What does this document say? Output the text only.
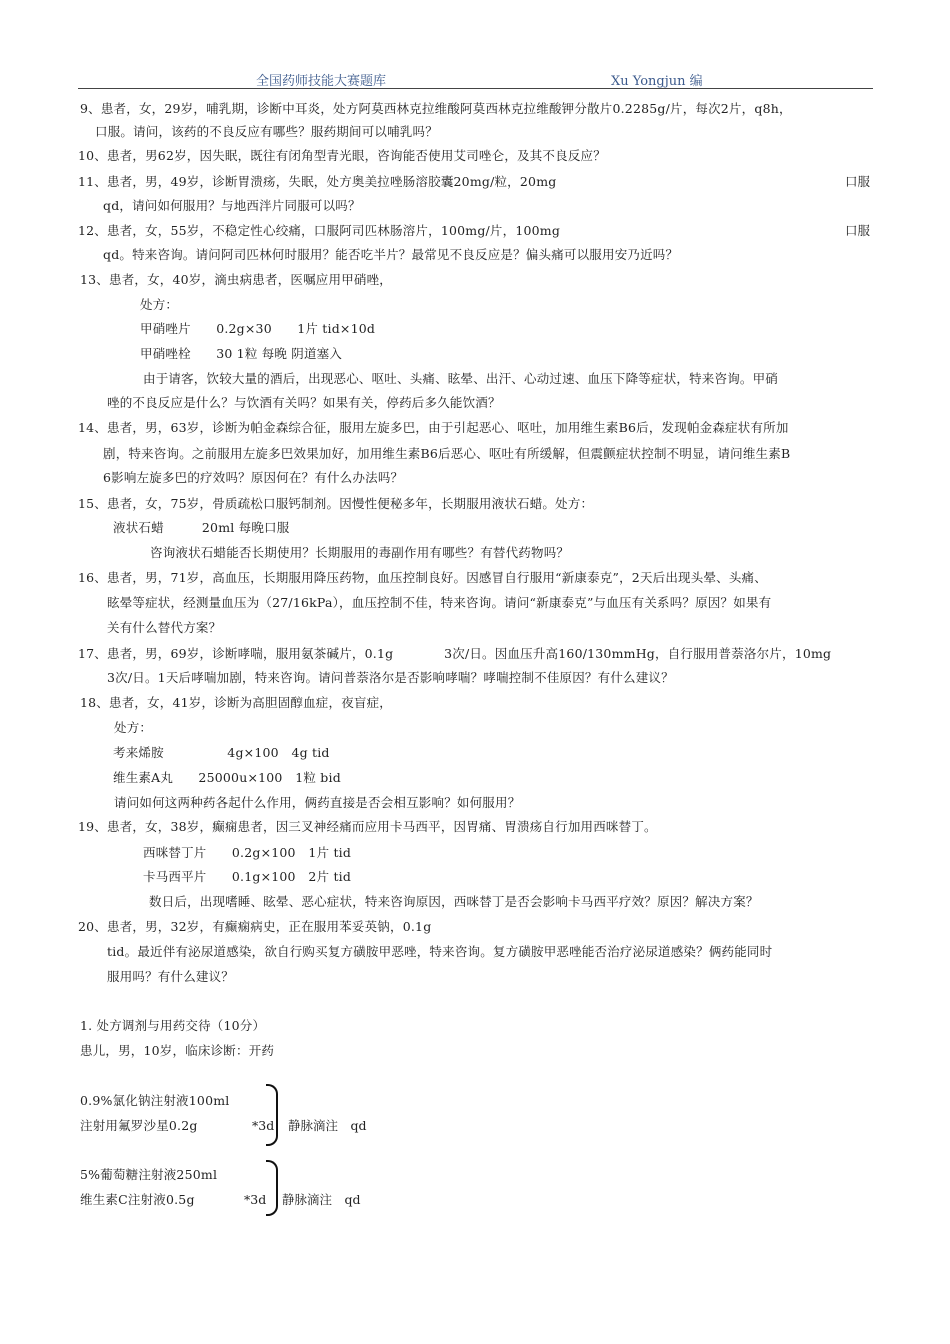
全国药师技能大赛题库	Xu Yongjun 编
9、患者，女，29岁，哺乳期，诊断中耳炎，处方阿莫西林克拉维酸阿莫西林克拉维酸钾分散片0.2285g/片，每次2片，q8h，
口服。请问，该药的不良反应有哪些？服药期间可以哺乳吗？
10、患者，男62岁，因失眠，既往有闭角型青光眼，咨询能否使用艾司唑仑，及其不良反应？
11、患者，男，49岁，诊断胃溃疡，失眠，处方奥美拉唑肠溶胶囊20mg/粒，20mg	口服
qd，请问如何服用？与地西泮片同服可以吗？
12、患者，女，55岁，不稳定性心绞痛，口服阿司匹林肠溶片，100mg/片，100mg	口服
qd。特来咨询。请问阿司匹林何时服用？能否吃半片？最常见不良反应是？偏头痛可以服用安乃近吗？
13、患者，女，40岁，滴虫病患者，医嘱应用甲硝唑，
处方：
甲硝唑片　　0.2g×30　　1片 tid×10d
甲硝唑栓　　30 1粒 每晚 阴道塞入
由于请客，饮较大量的酒后，出现恶心、呕吐、头痛、眩晕、出汗、心动过速、血压下降等症状，特来咨询。甲硝
唑的不良反应是什么？与饮酒有关吗？如果有关，停药后多久能饮酒？
14、患者，男，63岁，诊断为帕金森综合征，服用左旋多巴，由于引起恶心、呕吐，加用维生素B6后，发现帕金森症状有所加
剧，特来咨询。之前服用左旋多巴效果加好，加用维生素B6后恶心、呕吐有所缓解，但震颤症状控制不明显，请问维生素B
6影响左旋多巴的疗效吗？原因何在？有什么办法吗？
15、患者，女，75岁，骨质疏松口服钙制剂。因慢性便秘多年，长期服用液状石蜡。处方：
液状石蜡　　　20ml 每晚口服
咨询液状石蜡能否长期使用？长期服用的毒副作用有哪些？有替代药物吗？
16、患者，男，71岁，高血压，长期服用降压药物，血压控制良好。因感冒自行服用“新康泰克”，2天后出现头晕、头痛、
眩晕等症状，经测量血压为（27/16kPa），血压控制不佳，特来咨询。请问“新康泰克”与血压有关系吗？原因？如果有
关有什么替代方案？
17、患者，男，69岁，诊断哮喘，服用氨茶碱片，0.1g　　　　3次/日。因血压升高160/130mmHg，自行服用普萘洛尔片，10mg
3次/日。1天后哮喘加剧，特来咨询。请问普萘洛尔是否影响哮喘？哮喘控制不佳原因？有什么建议？
18、患者，女，41岁，诊断为高胆固醇血症，夜盲症，
处方：
考来烯胺　　　　　4g×100　4g tid
维生素A丸　　25000u×100　1粒 bid
请问如何这两种药各起什么作用，俩药直接是否会相互影响？如何服用？
19、患者，女，38岁，癫痫患者，因三叉神经痛而应用卡马西平，因胃痛、胃溃疡自行加用西咪替丁。
西咪替丁片　　0.2g×100　1片 tid
卡马西平片　　0.1g×100　2片 tid
数日后，出现嗜睡、眩晕、恶心症状，特来咨询原因，西咪替丁是否会影响卡马西平疗效？原因？解决方案？
20、患者，男，32岁，有癫痫病史，正在服用苯妥英钠，0.1g
tid。最近伴有泌尿道感染，欲自行购买复方磺胺甲恶唑，特来咨询。复方磺胺甲恶唑能否治疗泌尿道感染？俩药能同时
服用吗？有什么建议？
1. 处方调剂与用药交待（10分）
患儿，男，10岁，临床诊断：开药
0.9%氯化钠注射液100ml
注射用氟罗沙星0.2g	*3d 静脉滴注　qd
5%葡萄糖注射液250ml
维生素C注射液0.5g	*3d 静脉滴注　qd
